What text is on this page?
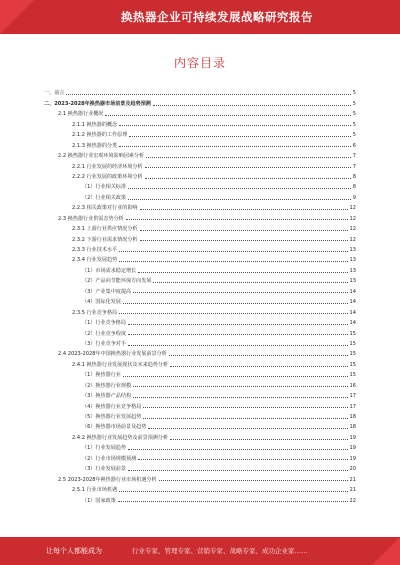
换热器企业可持续发展战略研究报告
内容目录
一、前言	5
二、2023-2028年换热器市场前景及趋势预测	5
2.1 换热器行业概况	5
2.1.1 换热器的概念	5
2.1.2 换热器的工作原理	5
2.1.3 换热器的分类	6
2.2 换热器行业宏观环境影响因素分析	7
2.2.1 行业发展的经济环境分析	7
2.2.2 行业发展的政策环境分析	8
（1）行业相关标准	8
（2）行业相关政策	9
2.2.3 相关政策对行业的影响	12
2.3 换热器行业供需态势分析	12
2.3.1 上游行业供应情况分析	12
2.3.2 下游行业需求情况分析	12
2.3.3 行业技术水平	13
2.3.4 行业发展趋势	13
（1）市场需求稳定增长	13
（2）产品向节能环保方向发展	13
（3）产业集中度提高	14
（4）国际化发展	14
2.3.5 行业竞争格局	14
（1）行业竞争格局	14
（2）行业竞争程度	15
（3）行业竞争对手	15
2.4 2023-2028年中国换热器行业发展前景分析	15
2.4.1 换热器行业发展现状及未来趋势分析	15
（1）换热器行业	15
（2）换热器行业规模	16
（3）换热器产品结构	17
（4）换热器行业竞争格局	17
（5）换热器行业发展趋势	18
（6）换热器市场前景及趋势	18
2.4.2 换热器行业发展趋势及前景预测分析	19
（1）行业发展趋势	19
（2）行业市场规模预测	19
（3）行业发展前景	20
2.5 2023-2028年换热器行业市场机遇分析	21
2.5.1 行业市场机遇	21
（1）国家政策	22
让每个人都能成为	行业专家、管理专家、营销专家、战略专家、成功企业家……
